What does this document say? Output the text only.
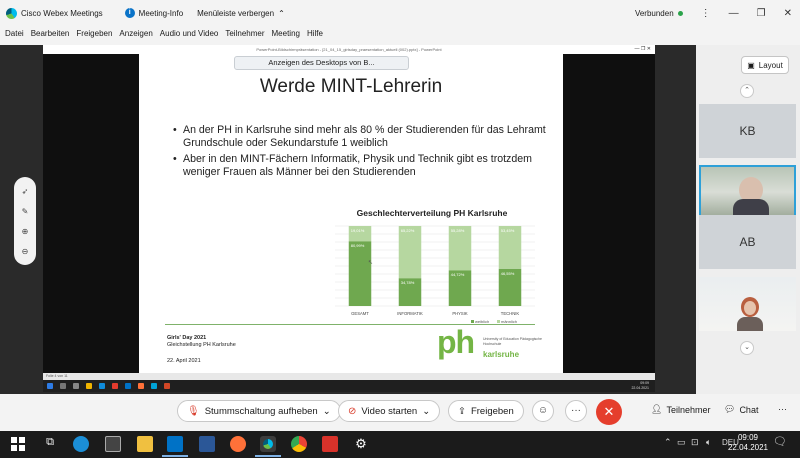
Cisco Webex Meetings	i	Meeting-Info Menüleiste verbergen ⌃	Verbunden	⋮ — ❐ ✕
Datei Bearbeiten Freigeben Anzeigen Audio und Video Teilnehmer Meeting Hilfe
PowerPoint-Bildschirmpräsentation - [21_04_15_girlsday_praesentation_aktuell (002).pptx] - PowerPoint	— ❐ ✕
Werde MINT-Lehrerin
• An der PH in Karlsruhe sind mehr als 80 % der Studierenden für das Lehramt Grundschule oder Sekundarstufe 1 weiblich
• Aber in den MINT-Fächern Informatik, Physik und Technik gibt es trotzdem weniger Frauen als Männer bei den Studierenden
Geschlechterverteilung PH Karlsruhe
80,99%
19,01%
GESAMT
34,78%
65,22%
INFORMATIK
44,72%
55,28%
PHYSIK
46,55%
53,45%
TECHNIK
weiblich	männlich
↖
Girls' Day 2021
Gleichstellung PH Karlsruhe
22. April 2021
ph	University of Education Pädagogische Hochschule
karlsruhe
Anzeigen des Desktops von B...
➶
✎
⊕
⊖
Folie 4 von 11
09:09
22.04.2021
▣ Layout
⌃
KB
AB
⌄
🎙︎ Stummschaltung aufheben ⌄ ⊘ Video starten ⌄	⇪ Freigeben	☺	···	✕	👤︎ Teilnehmer 💬︎ Chat ···
⧉	⚙	⌃ ▭ ⊡ 🔈︎ DEU
09:09
22.04.2021 🗨︎
